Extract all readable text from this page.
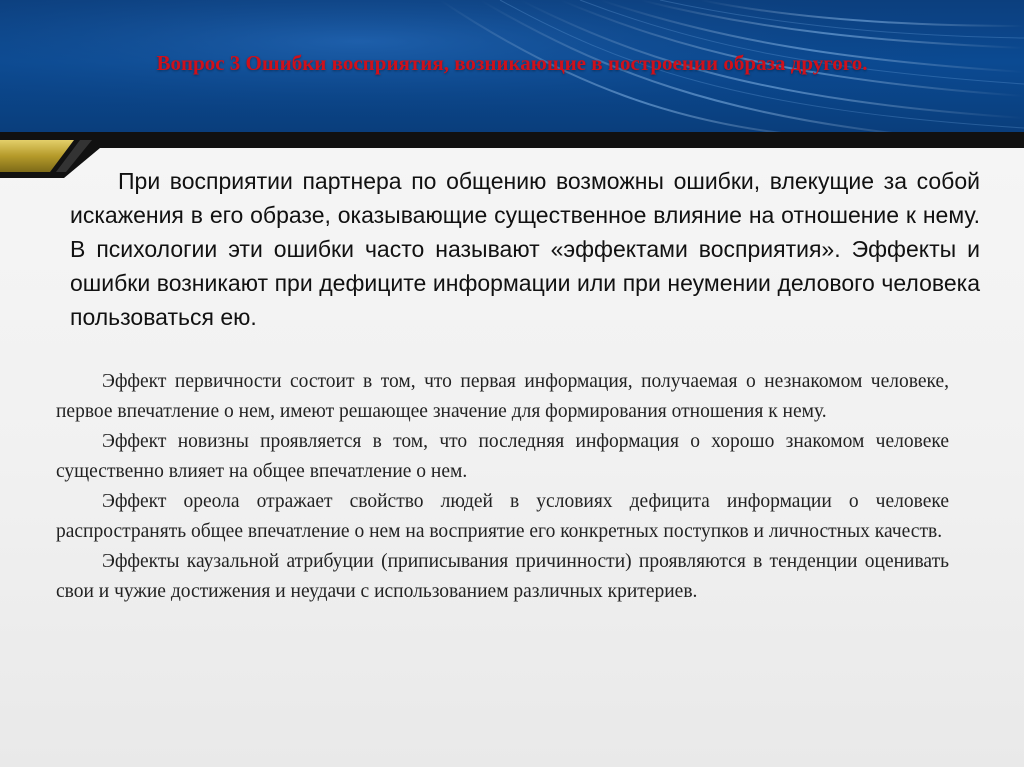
Вопрос 3 Ошибки восприятия, возникающие в построении образа другого.

При восприятии партнера по общению возможны ошибки, влекущие за собой искажения в его образе, оказывающие существенное влияние на отношение к нему. В психологии эти ошибки часто называют «эффектами восприятия». Эффекты и ошибки возникают при дефиците информации или при неумении делового человека пользоваться ею.

Эффект первичности состоит в том, что первая информация, получаемая о незнакомом человеке, первое впечатление о нем, имеют решающее значение для формирования отношения к нему.

Эффект новизны проявляется в том, что последняя информация о хорошо знакомом человеке существенно влияет на общее впечатление о нем.

Эффект ореола отражает свойство людей в условиях дефицита информации о человеке распространять общее впечатление о нем на восприятие его конкретных поступков и личностных качеств.

Эффекты каузальной атрибуции (приписывания причинности) проявляются в тенденции оценивать свои и чужие достижения и неудачи с использованием различных критериев.
